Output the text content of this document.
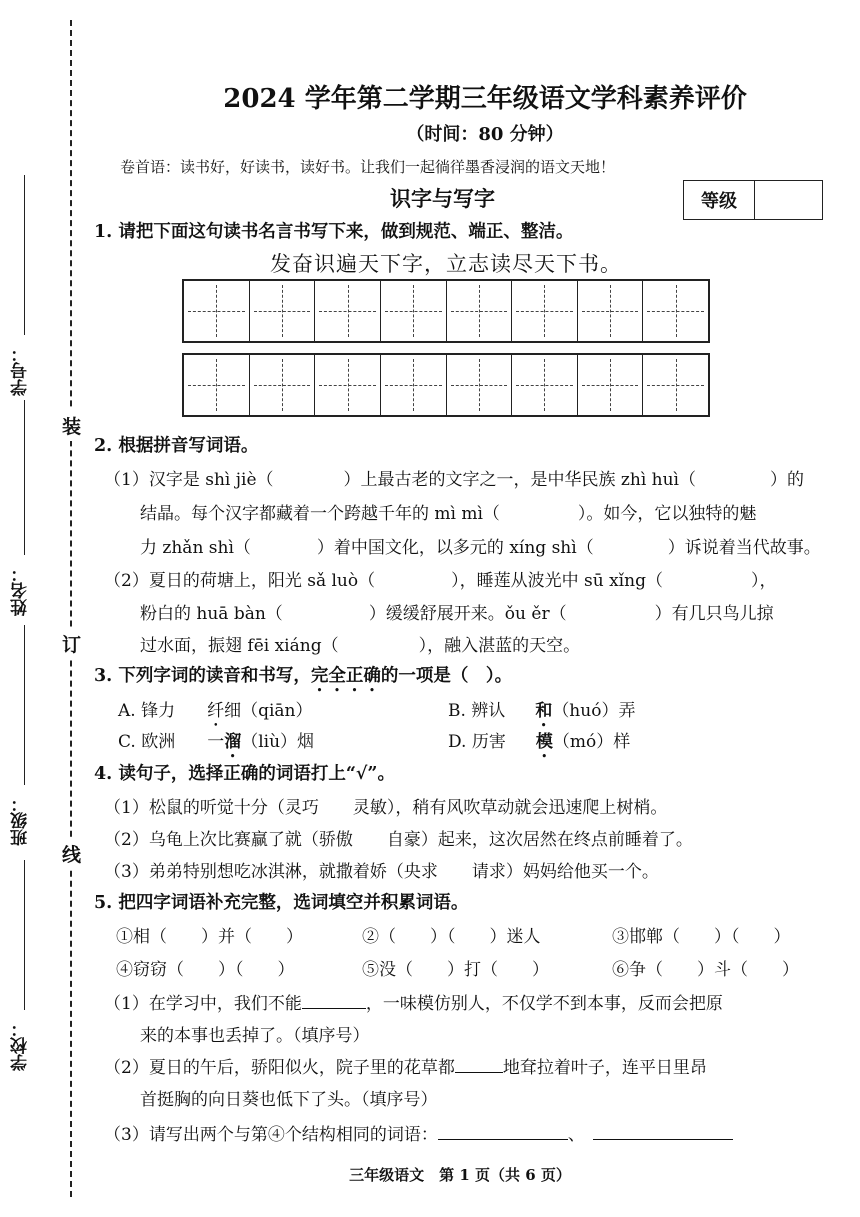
学号：
姓名：
班级：
学校：
装
订
线
2024 学年第二学期三年级语文学科素养评价
（时间：80 分钟）
卷首语：读书好，好读书，读好书。让我们一起徜徉墨香浸润的语文天地！
识字与写字	等级
1. 请把下面这句读书名言书写下来，做到规范、端正、整洁。
发奋识遍天下字，立志读尽天下书。
2. 根据拼音写词语。
（1）汉字是 shì jiè（	）上最古老的文字之一，是中华民族 zhì huì（	）的
结晶。每个汉字都藏着一个跨越千年的 mì mì（	）。如今，它以独特的魅
力 zhǎn shì（	）着中国文化，以多元的 xíng shì（	）诉说着当代故事。
（2）夏日的荷塘上，阳光 sǎ luò（	），睡莲从波光中 sū xǐng（	），
粉白的 huā bàn（	）缓缓舒展开来。ǒu ěr（	）有几只鸟儿掠
过水面，振翅 fēi xiáng（	），融入湛蓝的天空。
3. 下列字词的读音和书写，完全正确的一项是（　）。
A. 锋力 纤细（qiān）	B. 辨认 和（huó）弄
C. 欧洲 一溜（liù）烟	D. 历害 模（mó）样
4. 读句子，选择正确的词语打上“√”。
（1）松鼠的听觉十分（灵巧　　灵敏），稍有风吹草动就会迅速爬上树梢。
（2）乌龟上次比赛赢了就（骄傲　　自豪）起来，这次居然在终点前睡着了。
（3）弟弟特别想吃冰淇淋，就撒着娇（央求　　请求）妈妈给他买一个。
5. 把四字词语补充完整，选词填空并积累词语。
①相（　　）并（　　）	②（　　）（　　）迷人	③邯郸（　　）（　　）
④窃窃（　　）（　　）	⑤没（　　）打（　　）	⑥争（　　）斗（　　）
（1）在学习中，我们不能	，一味模仿别人，不仅学不到本事，反而会把原
来的本事也丢掉了。（填序号）
（2）夏日的午后，骄阳似火，院子里的花草都	地耷拉着叶子，连平日里昂
首挺胸的向日葵也低下了头。（填序号）
（3）请写出两个与第④个结构相同的词语：	、
三年级语文　第 1 页（共 6 页）
